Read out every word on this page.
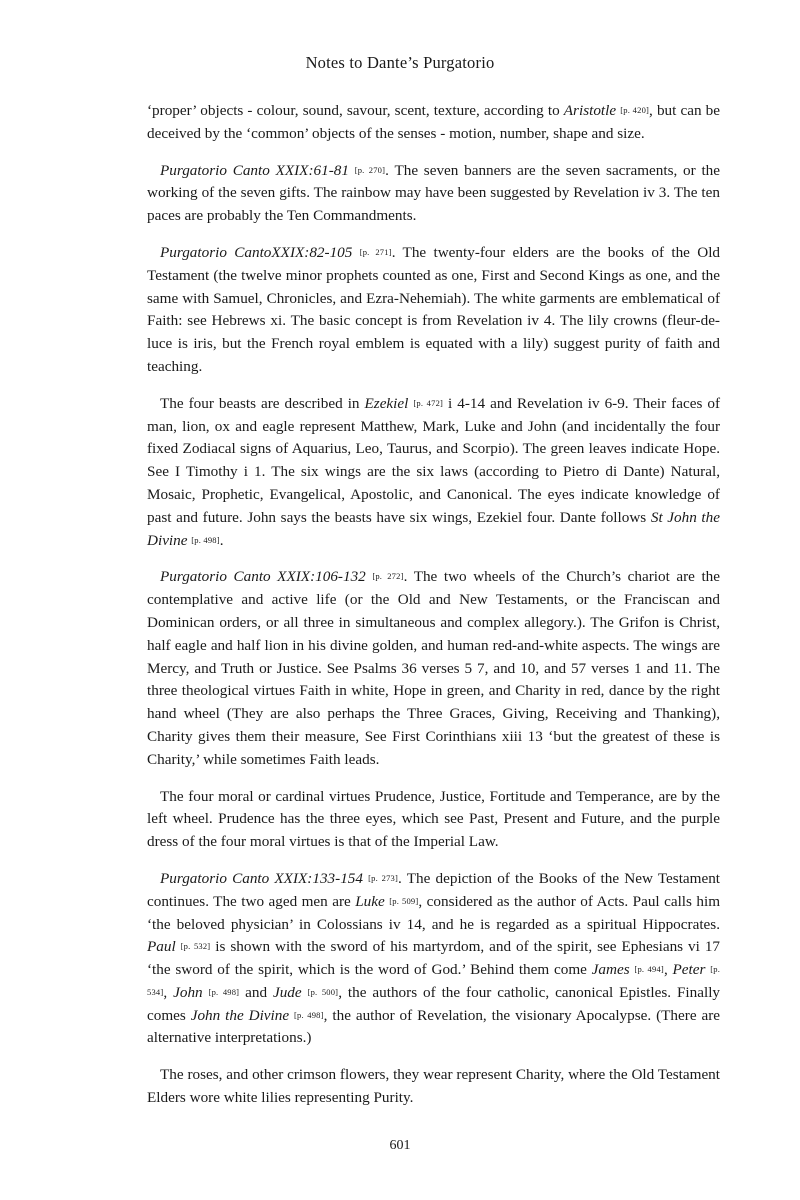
Notes to Dante’s Purgatorio

‘proper’ objects - colour, sound, savour, scent, texture, according to Aristotle [p. 420], but can be deceived by the ‘common’ objects of the senses - motion, number, shape and size.

Purgatorio Canto XXIX:61-81 [p. 270]. The seven banners are the seven sacraments, or the working of the seven gifts. The rainbow may have been suggested by Revelation iv 3. The ten paces are probably the Ten Commandments.

Purgatorio CantoXXIX:82-105 [p. 271]. The twenty-four elders are the books of the Old Testament (the twelve minor prophets counted as one, First and Second Kings as one, and the same with Samuel, Chronicles, and Ezra-Nehemiah). The white garments are emblematical of Faith: see Hebrews xi. The basic concept is from Revelation iv 4. The lily crowns (fleur-de-luce is iris, but the French royal emblem is equated with a lily) suggest purity of faith and teaching.

The four beasts are described in Ezekiel [p. 472] i 4-14 and Revelation iv 6-9. Their faces of man, lion, ox and eagle represent Matthew, Mark, Luke and John (and incidentally the four fixed Zodiacal signs of Aquarius, Leo, Taurus, and Scorpio). The green leaves indicate Hope. See I Timothy i 1. The six wings are the six laws (according to Pietro di Dante) Natural, Mosaic, Prophetic, Evangelical, Apostolic, and Canonical. The eyes indicate knowledge of past and future. John says the beasts have six wings, Ezekiel four. Dante follows St John the Divine [p. 498].

Purgatorio Canto XXIX:106-132 [p. 272]. The two wheels of the Church’s chariot are the contemplative and active life (or the Old and New Testaments, or the Franciscan and Dominican orders, or all three in simultaneous and complex allegory.). The Grifon is Christ, half eagle and half lion in his divine golden, and human red-and-white aspects. The wings are Mercy, and Truth or Justice. See Psalms 36 verses 5 7, and 10, and 57 verses 1 and 11. The three theological virtues Faith in white, Hope in green, and Charity in red, dance by the right hand wheel (They are also perhaps the Three Graces, Giving, Receiving and Thanking), Charity gives them their measure, See First Corinthians xiii 13 ‘but the greatest of these is Charity,’ while sometimes Faith leads.

The four moral or cardinal virtues Prudence, Justice, Fortitude and Temperance, are by the left wheel. Prudence has the three eyes, which see Past, Present and Future, and the purple dress of the four moral virtues is that of the Imperial Law.

Purgatorio Canto XXIX:133-154 [p. 273]. The depiction of the Books of the New Testament continues. The two aged men are Luke [p. 509], considered as the author of Acts. Paul calls him ‘the beloved physician’ in Colossians iv 14, and he is regarded as a spiritual Hippocrates. Paul [p. 532] is shown with the sword of his martyrdom, and of the spirit, see Ephesians vi 17 ‘the sword of the spirit, which is the word of God.’ Behind them come James [p. 494], Peter [p. 534], John [p. 498] and Jude [p. 500], the authors of the four catholic, canonical Epistles. Finally comes John the Divine [p. 498], the author of Revelation, the visionary Apocalypse. (There are alternative interpretations.)

The roses, and other crimson flowers, they wear represent Charity, where the Old Testament Elders wore white lilies representing Purity.

601
